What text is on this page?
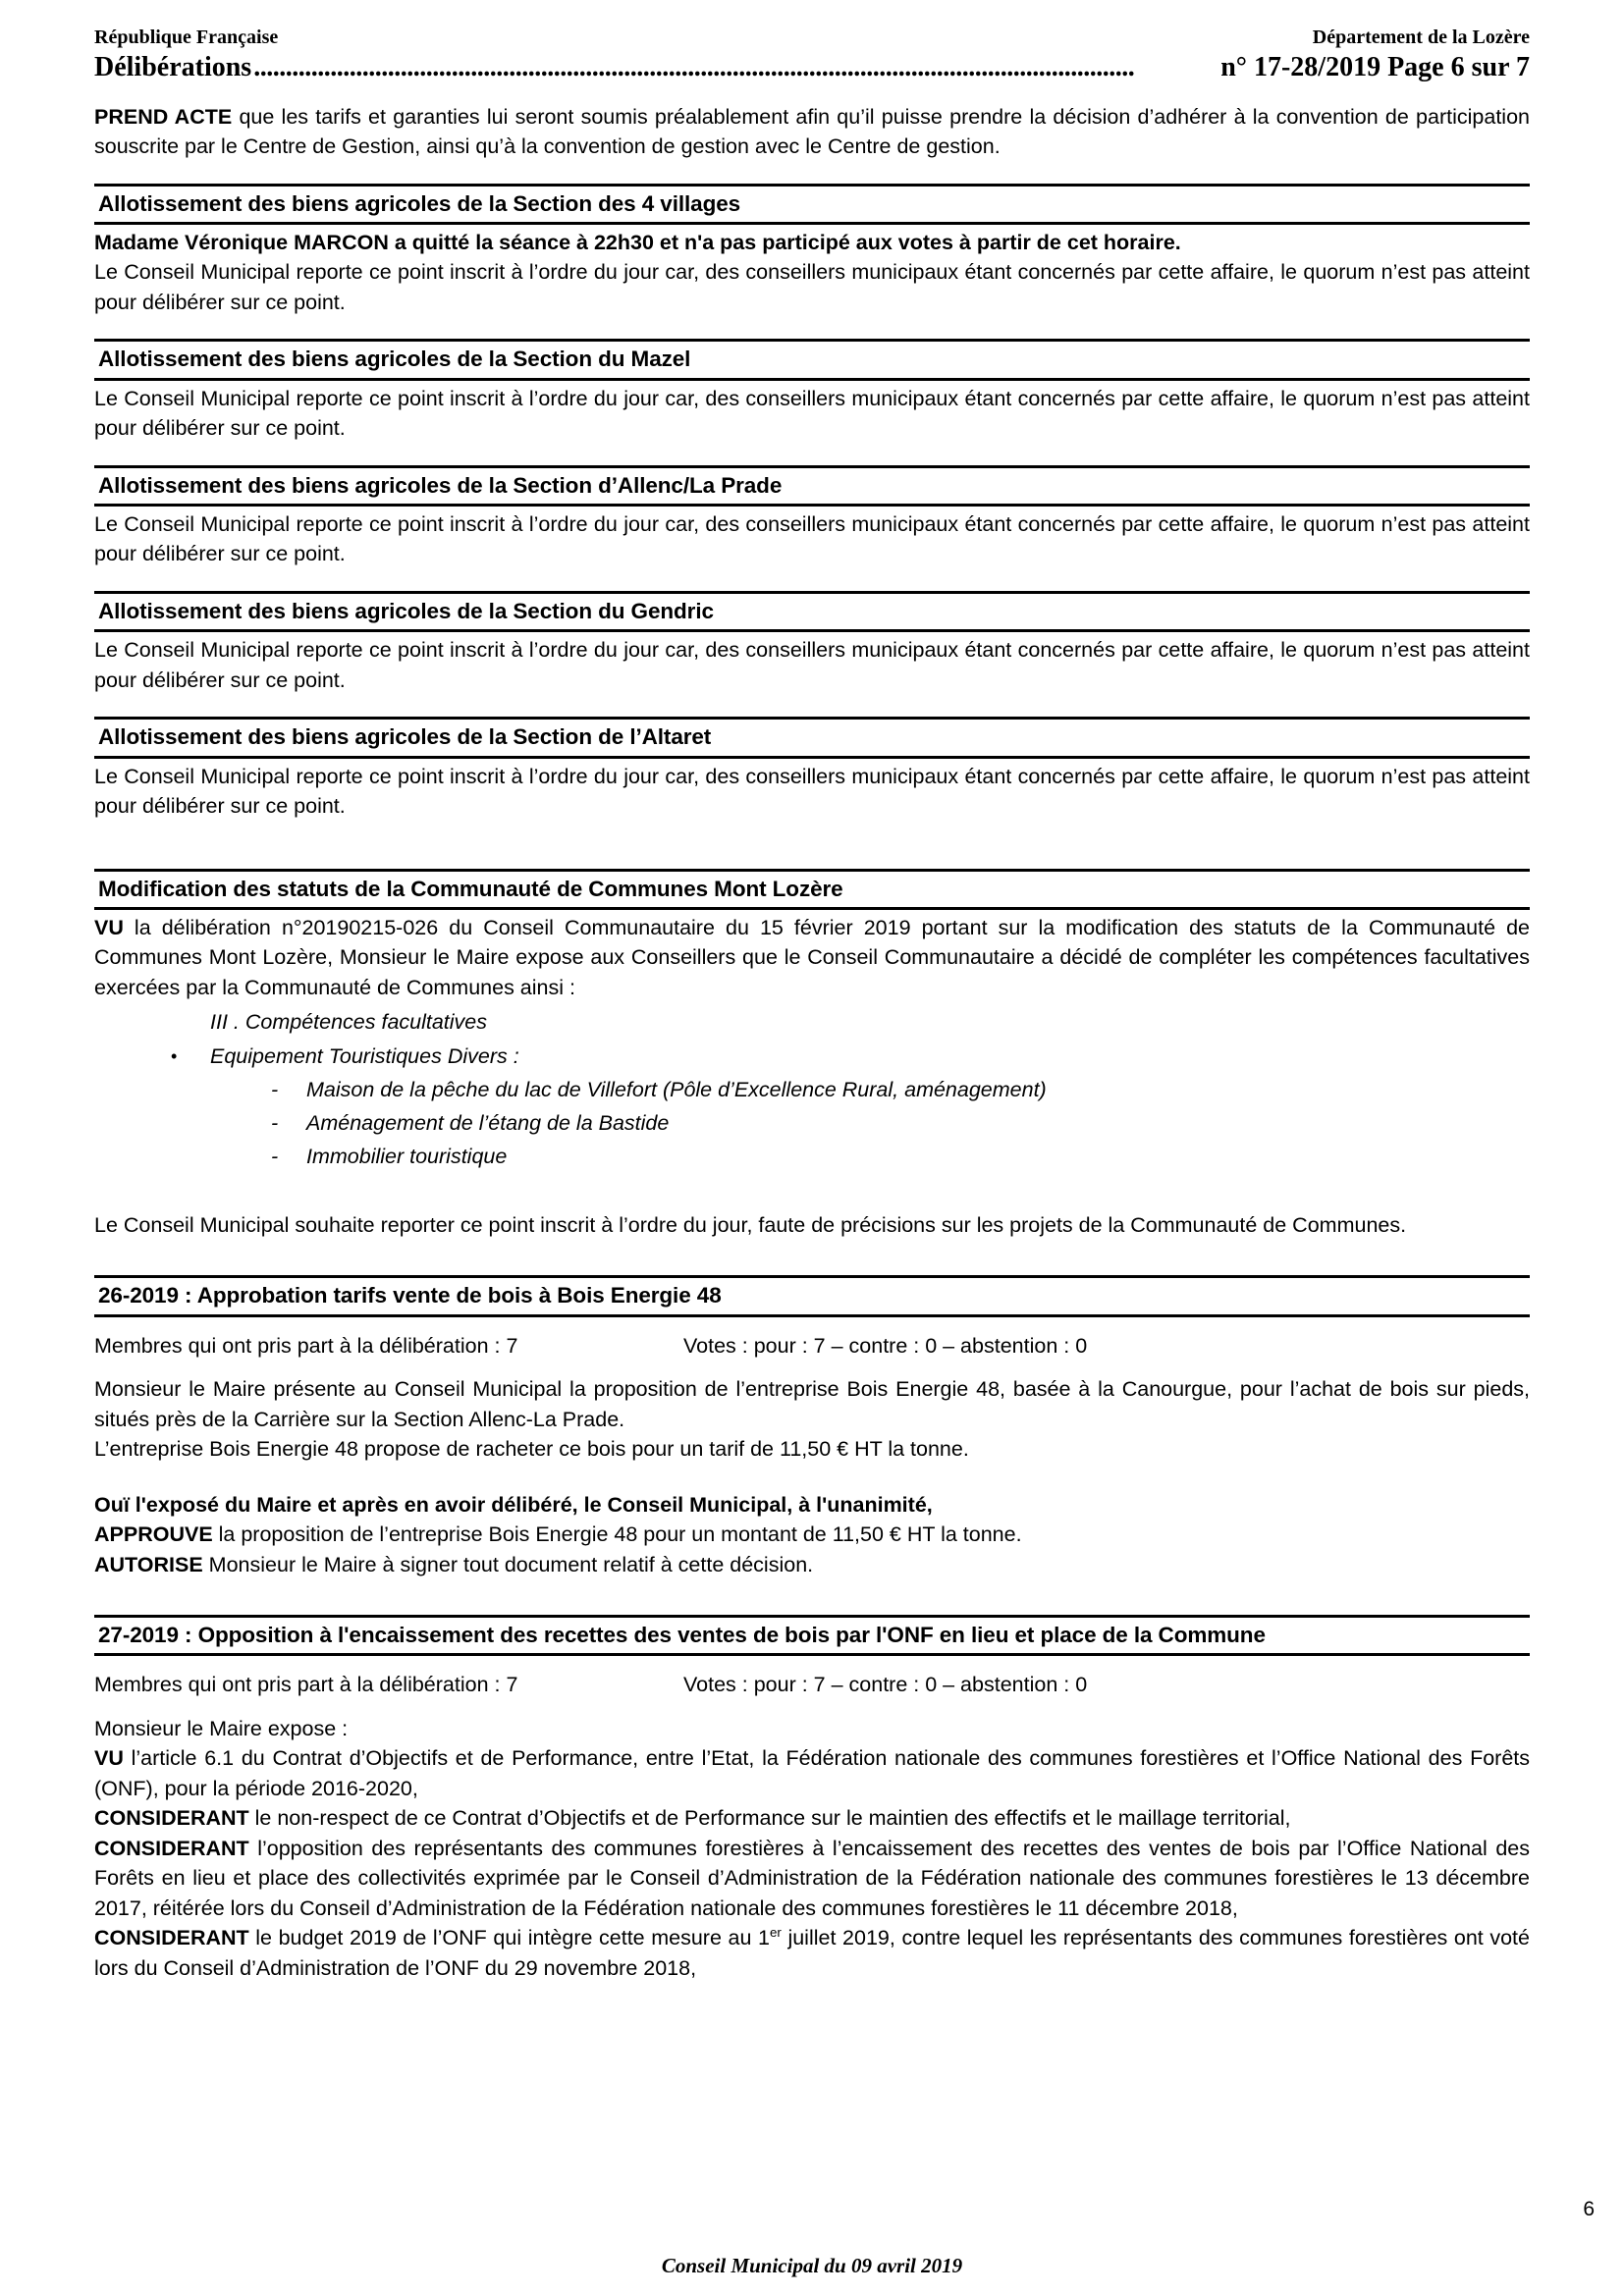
République Française	Département de la Lozère
Délibérations ..........................................................................................................................................	n° 17-28/2019 Page 6 sur 7

PREND ACTE que les tarifs et garanties lui seront soumis préalablement afin qu’il puisse prendre la décision d’adhérer à la convention de participation souscrite par le Centre de Gestion, ainsi qu’à la convention de gestion avec le Centre de gestion.

Allotissement des biens agricoles de la Section des 4 villages

Madame Véronique MARCON a quitté la séance à 22h30 et n'a pas participé aux votes à partir de cet horaire.

Le Conseil Municipal reporte ce point inscrit à l’ordre du jour car, des conseillers municipaux étant concernés par cette affaire, le quorum n’est pas atteint pour délibérer sur ce point.

Allotissement des biens agricoles de la Section du Mazel

Le Conseil Municipal reporte ce point inscrit à l’ordre du jour car, des conseillers municipaux étant concernés par cette affaire, le quorum n’est pas atteint pour délibérer sur ce point.

Allotissement des biens agricoles de la Section d’Allenc/La Prade

Le Conseil Municipal reporte ce point inscrit à l’ordre du jour car, des conseillers municipaux étant concernés par cette affaire, le quorum n’est pas atteint pour délibérer sur ce point.

Allotissement des biens agricoles de la Section du Gendric

Le Conseil Municipal reporte ce point inscrit à l’ordre du jour car, des conseillers municipaux étant concernés par cette affaire, le quorum n’est pas atteint pour délibérer sur ce point.

Allotissement des biens agricoles de la Section de l’Altaret

Le Conseil Municipal reporte ce point inscrit à l’ordre du jour car, des conseillers municipaux étant concernés par cette affaire, le quorum n’est pas atteint pour délibérer sur ce point.

Modification des statuts de la Communauté de Communes Mont Lozère

VU la délibération n°20190215-026 du Conseil Communautaire du 15 février 2019 portant sur la modification des statuts de la Communauté de Communes Mont Lozère, Monsieur le Maire expose aux Conseillers que le Conseil Communautaire a décidé de compléter les compétences facultatives exercées par la Communauté de Communes ainsi :

III . Compétences facultatives
•	Equipement Touristiques Divers :
-	Maison de la pêche du lac de Villefort (Pôle d’Excellence Rural, aménagement)
-	Aménagement de l’étang de la Bastide
-	Immobilier touristique

Le Conseil Municipal souhaite reporter ce point inscrit à l’ordre du jour, faute de précisions sur les projets de la Communauté de Communes.

26-2019 : Approbation tarifs vente de bois à Bois Energie 48
Membres qui ont pris part à la délibération : 7	Votes : pour : 7 – contre : 0 – abstention : 0

Monsieur le Maire présente au Conseil Municipal la proposition de l’entreprise Bois Energie 48, basée à la Canourgue, pour l’achat de bois sur pieds, situés près de la Carrière sur la Section Allenc-La Prade.

L’entreprise Bois Energie 48 propose de racheter ce bois pour un tarif de 11,50 € HT la tonne.

Ouï l'exposé du Maire et après en avoir délibéré, le Conseil Municipal, à l'unanimité,

APPROUVE la proposition de l’entreprise Bois Energie 48 pour un montant de 11,50 € HT la tonne.

AUTORISE Monsieur le Maire à signer tout document relatif à cette décision.

27-2019 : Opposition à l'encaissement des recettes des ventes de bois par l'ONF en lieu et place de la Commune
Membres qui ont pris part à la délibération : 7	Votes : pour : 7 – contre : 0 – abstention : 0

Monsieur le Maire expose :

VU l’article 6.1 du Contrat d’Objectifs et de Performance, entre l’Etat, la Fédération nationale des communes forestières et l’Office National des Forêts (ONF), pour la période 2016-2020,

CONSIDERANT le non-respect de ce Contrat d’Objectifs et de Performance sur le maintien des effectifs et le maillage territorial,

CONSIDERANT l’opposition des représentants des communes forestières à l’encaissement des recettes des ventes de bois par l’Office National des Forêts en lieu et place des collectivités exprimée par le Conseil d’Administration de la Fédération nationale des communes forestières le 13 décembre 2017, réitérée lors du Conseil d’Administration de la Fédération nationale des communes forestières le 11 décembre 2018,

CONSIDERANT le budget 2019 de l’ONF qui intègre cette mesure au 1er juillet 2019, contre lequel les représentants des communes forestières ont voté lors du Conseil d’Administration de l’ONF du 29 novembre 2018,

6
Conseil Municipal du 09 avril 2019
